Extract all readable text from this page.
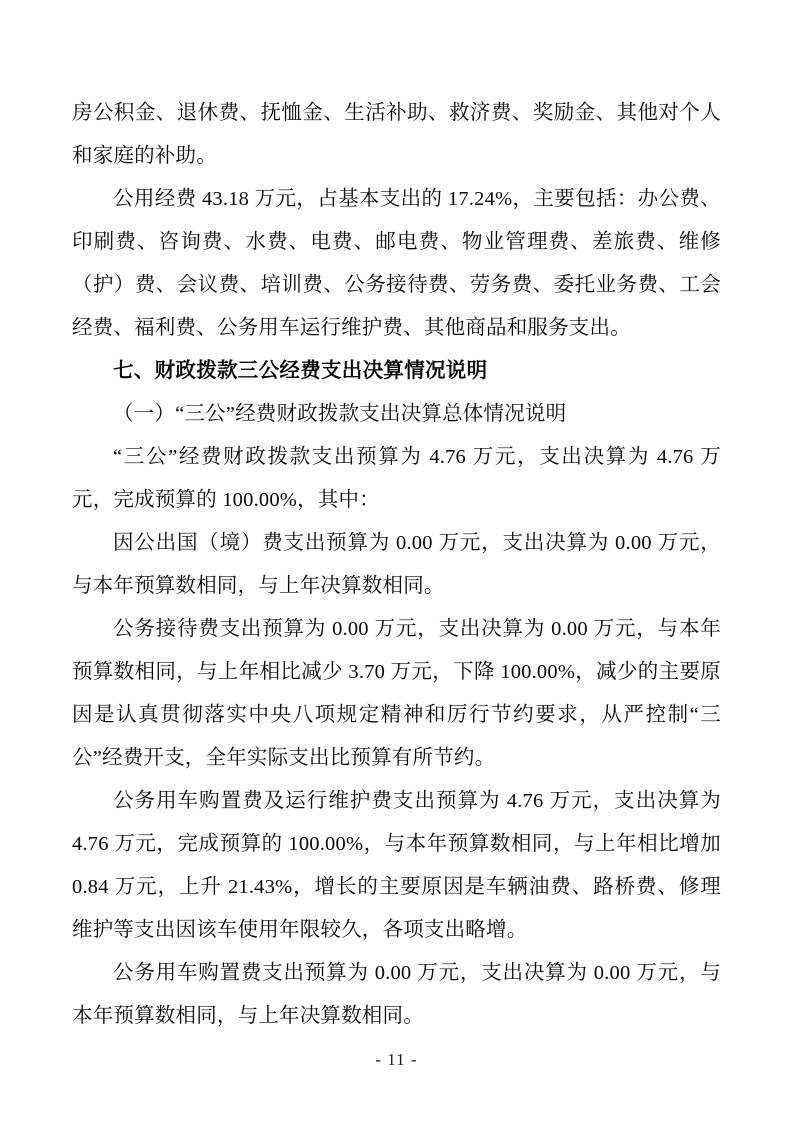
房公积金、退休费、抚恤金、生活补助、救济费、奖励金、其他对个人和家庭的补助。

公用经费 43.18 万元，占基本支出的 17.24%，主要包括：办公费、印刷费、咨询费、水费、电费、邮电费、物业管理费、差旅费、维修（护）费、会议费、培训费、公务接待费、劳务费、委托业务费、工会经费、福利费、公务用车运行维护费、其他商品和服务支出。

七、财政拨款三公经费支出决算情况说明

（一）“三公”经费财政拨款支出决算总体情况说明

“三公”经费财政拨款支出预算为 4.76 万元，支出决算为 4.76 万元，完成预算的 100.00%，其中：

因公出国（境）费支出预算为 0.00 万元，支出决算为 0.00 万元，与本年预算数相同，与上年决算数相同。

公务接待费支出预算为 0.00 万元，支出决算为 0.00 万元，与本年预算数相同，与上年相比减少 3.70 万元，下降 100.00%，减少的主要原因是认真贯彻落实中央八项规定精神和厉行节约要求，从严控制“三公”经费开支，全年实际支出比预算有所节约。

公务用车购置费及运行维护费支出预算为 4.76 万元，支出决算为 4.76 万元，完成预算的 100.00%，与本年预算数相同，与上年相比增加 0.84 万元，上升 21.43%，增长的主要原因是车辆油费、路桥费、修理维护等支出因该车使用年限较久，各项支出略增。

公务用车购置费支出预算为 0.00 万元，支出决算为 0.00 万元，与本年预算数相同，与上年决算数相同。

- 11 -
